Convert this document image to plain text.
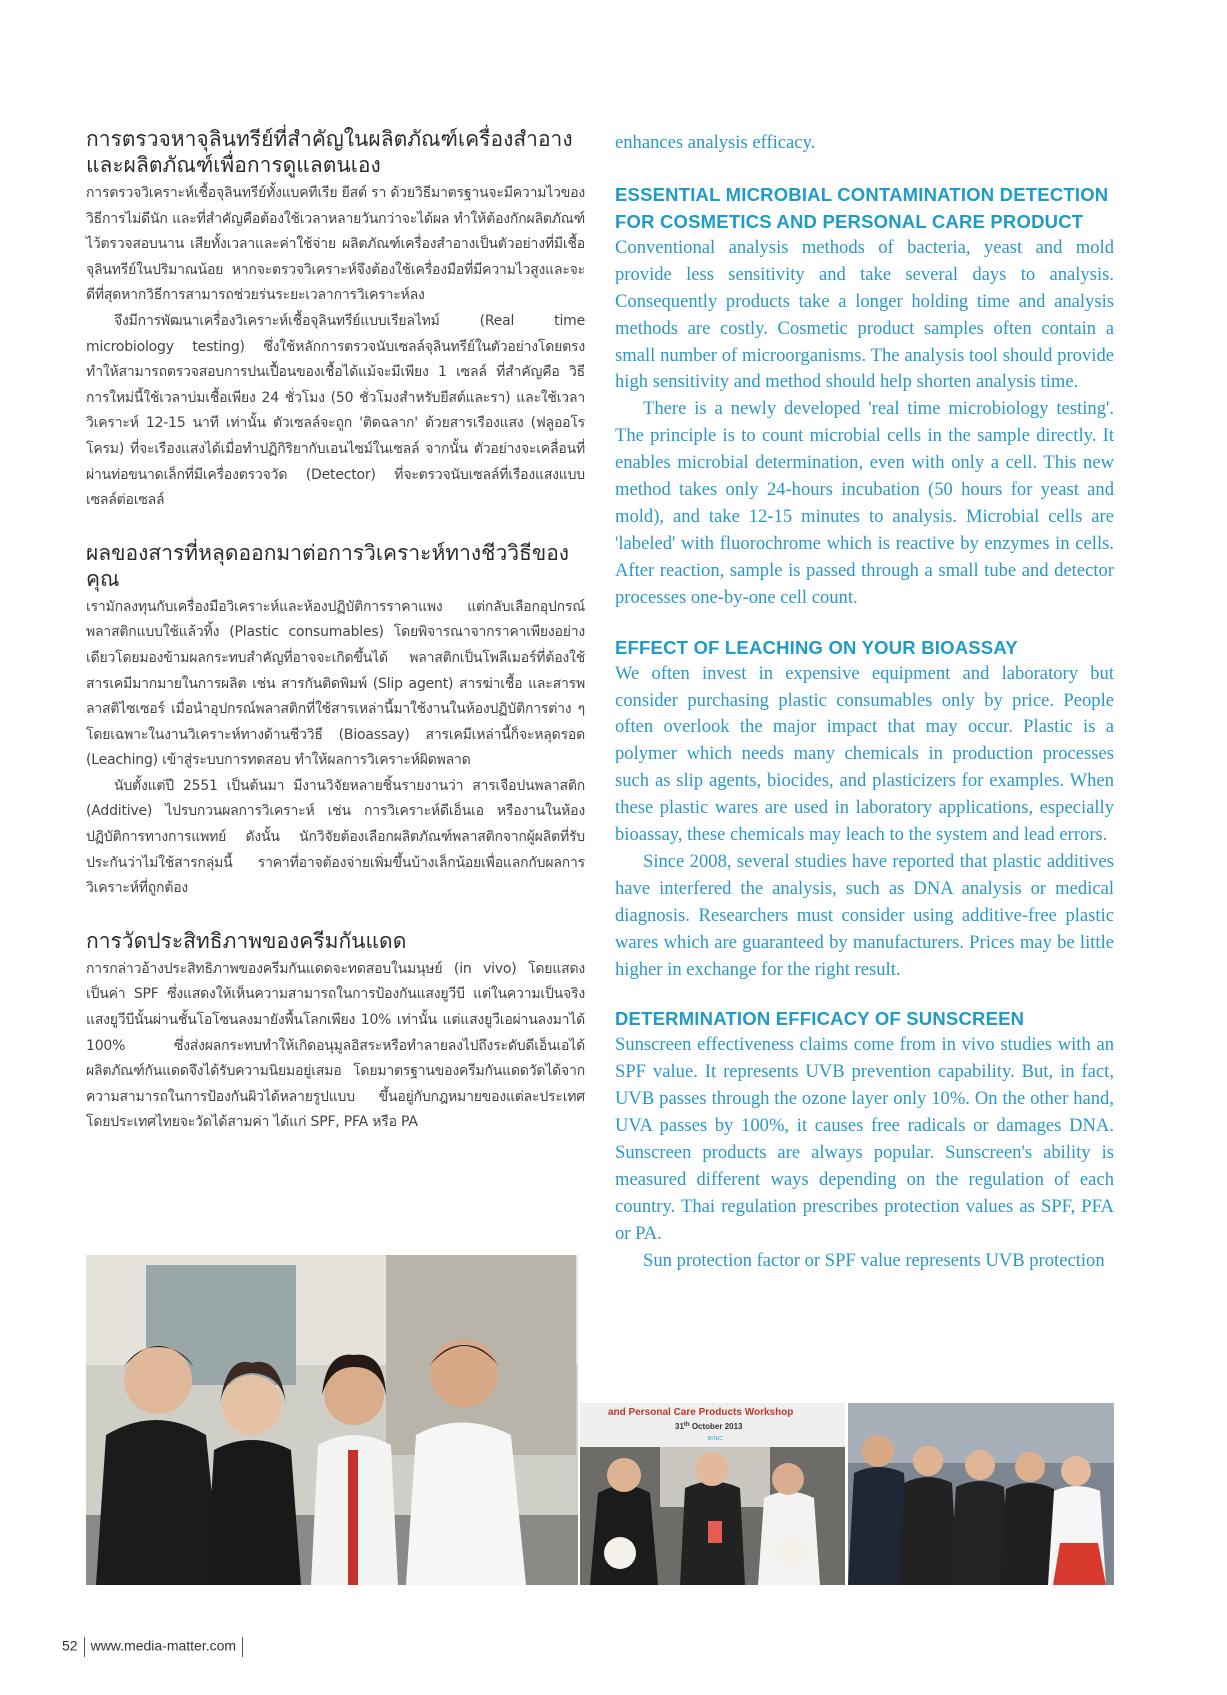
การตรวจหาจุลินทรีย์ที่สำคัญในผลิตภัณฑ์เครื่องสำอางและผลิตภัณฑ์เพื่อการดูแลตนเอง

การตรวจวิเคราะห์เชื้อจุลินทรีย์ทั้งแบคทีเรีย ยีสต์ รา ด้วยวิธีมาตรฐานจะมีความไวของวิธีการไม่ดีนัก และที่สำคัญคือต้องใช้เวลาหลายวันกว่าจะได้ผล ทำให้ต้องกักผลิตภัณฑ์ไว้ตรวจสอบนาน เสียทั้งเวลาและค่าใช้จ่าย ผลิตภัณฑ์เครื่องสำอางเป็นตัวอย่างที่มีเชื้อจุลินทรีย์ในปริมาณน้อย หากจะตรวจวิเคราะห์จึงต้องใช้เครื่องมือที่มีความไวสูงและจะดีที่สุดหากวิธีการสามารถช่วยร่นระยะเวลาการวิเคราะห์ลง

จึงมีการพัฒนาเครื่องวิเคราะห์เชื้อจุลินทรีย์แบบเรียลไทม์ (Real time microbiology testing) ซึ่งใช้หลักการตรวจนับเซลล์จุลินทรีย์ในตัวอย่างโดยตรง ทำให้สามารถตรวจสอบการปนเปื้อนของเชื้อได้แม้จะมีเพียง 1 เซลล์ ที่สำคัญคือ วิธีการใหม่นี้ใช้เวลาบ่มเชื้อเพียง 24 ชั่วโมง (50 ชั่วโมงสำหรับยีสต์และรา) และใช้เวลาวิเคราะห์ 12-15 นาที เท่านั้น ตัวเซลล์จะถูก 'ติดฉลาก' ด้วยสารเรืองแสง (ฟลูออโรโครม) ที่จะเรืองแสงได้เมื่อทำปฏิกิริยากับเอนไซม์ในเซลล์ จากนั้น ตัวอย่างจะเคลื่อนที่ผ่านท่อขนาดเล็กที่มีเครื่องตรวจวัด (Detector) ที่จะตรวจนับเซลล์ที่เรืองแสงแบบเซลล์ต่อเซลล์

ผลของสารที่หลุดออกมาต่อการวิเคราะห์ทางชีววิธีของคุณ

เรามักลงทุนกับเครื่องมือวิเคราะห์และห้องปฏิบัติการราคาแพง แต่กลับเลือกอุปกรณ์พลาสติกแบบใช้แล้วทิ้ง (Plastic consumables) โดยพิจารณาจากราคาเพียงอย่างเดียวโดยมองข้ามผลกระทบสำคัญที่อาจจะเกิดขึ้นได้ พลาสติกเป็นโพลีเมอร์ที่ต้องใช้สารเคมีมากมายในการผลิต เช่น สารกันติดพิมพ์ (Slip agent) สารฆ่าเชื้อ และสารพลาสติไซเซอร์ เมื่อนำอุปกรณ์พลาสติกที่ใช้สารเหล่านี้มาใช้งานในห้องปฏิบัติการต่าง ๆ โดยเฉพาะในงานวิเคราะห์ทางด้านชีววิธี (Bioassay) สารเคมีเหล่านี้ก็จะหลุดรอด (Leaching) เข้าสู่ระบบการทดสอบ ทำให้ผลการวิเคราะห์ผิดพลาด

นับตั้งแต่ปี 2551 เป็นต้นมา มีงานวิจัยหลายชิ้นรายงานว่า สารเจือปนพลาสติก (Additive) ไปรบกวนผลการวิเคราะห์ เช่น การวิเคราะห์ดีเอ็นเอ หรืองานในห้องปฏิบัติการทางการแพทย์ ดังนั้น นักวิจัยต้องเลือกผลิตภัณฑ์พลาสติกจากผู้ผลิตที่รับประกันว่าไม่ใช้สารกลุ่มนี้ ราคาที่อาจต้องจ่ายเพิ่มขึ้นบ้างเล็กน้อยเพื่อแลกกับผลการวิเคราะห์ที่ถูกต้อง

การวัดประสิทธิภาพของครีมกันแดด

การกล่าวอ้างประสิทธิภาพของครีมกันแดดจะทดสอบในมนุษย์ (in vivo) โดยแสดงเป็นค่า SPF ซึ่งแสดงให้เห็นความสามารถในการป้องกันแสงยูวีบี แต่ในความเป็นจริง แสงยูวีบีนั้นผ่านชั้นโอโซนลงมายังพื้นโลกเพียง 10% เท่านั้น แต่แสงยูวีเอผ่านลงมาได้ 100% ซึ่งส่งผลกระทบทำให้เกิดอนุมูลอิสระหรือทำลายลงไปถึงระดับดีเอ็นเอได้ ผลิตภัณฑ์กันแดดจึงได้รับความนิยมอยู่เสมอ โดยมาตรฐานของครีมกันแดดวัดได้จากความสามารถในการป้องกันผิวได้หลายรูปแบบ ขึ้นอยู่กับกฎหมายของแต่ละประเทศ โดยประเทศไทยจะวัดได้สามค่า ได้แก่ SPF, PFA หรือ PA

enhances analysis efficacy.

ESSENTIAL MICROBIAL CONTAMINATION DETECTION FOR COSMETICS AND PERSONAL CARE PRODUCT

Conventional analysis methods of bacteria, yeast and mold provide less sensitivity and take several days to analysis. Consequently products take a longer holding time and analysis methods are costly. Cosmetic product samples often contain a small number of microorganisms. The analysis tool should provide high sensitivity and method should help shorten analysis time.

There is a newly developed 'real time microbiology testing'. The principle is to count microbial cells in the sample directly. It enables microbial determination, even with only a cell. This new method takes only 24-hours incubation (50 hours for yeast and mold), and take 12-15 minutes to analysis. Microbial cells are 'labeled' with fluorochrome which is reactive by enzymes in cells. After reaction, sample is passed through a small tube and detector processes one-by-one cell count.

EFFECT OF LEACHING ON YOUR BIOASSAY

We often invest in expensive equipment and laboratory but consider purchasing plastic consumables only by price. People often overlook the major impact that may occur. Plastic is a polymer which needs many chemicals in production processes such as slip agents, biocides, and plasticizers for examples. When these plastic wares are used in laboratory applications, especially bioassay, these chemicals may leach to the system and lead errors.

Since 2008, several studies have reported that plastic additives have interfered the analysis, such as DNA analysis or medical diagnosis. Researchers must consider using additive-free plastic wares which are guaranteed by manufacturers. Prices may be little higher in exchange for the right result.

DETERMINATION EFFICACY OF SUNSCREEN

Sunscreen effectiveness claims come from in vivo studies with an SPF value. It represents UVB prevention capability. But, in fact, UVB passes through the ozone layer only 10%. On the other hand, UVA passes by 100%, it causes free radicals or damages DNA. Sunscreen products are always popular. Sunscreen's ability is measured different ways depending on the regulation of each country. Thai regulation prescribes protection values as SPF, PFA or PA.

Sun protection factor or SPF value represents UVB protection

and Personal Care Products Workshop
31th October 2013
BITEC
52 www.media-matter.com
